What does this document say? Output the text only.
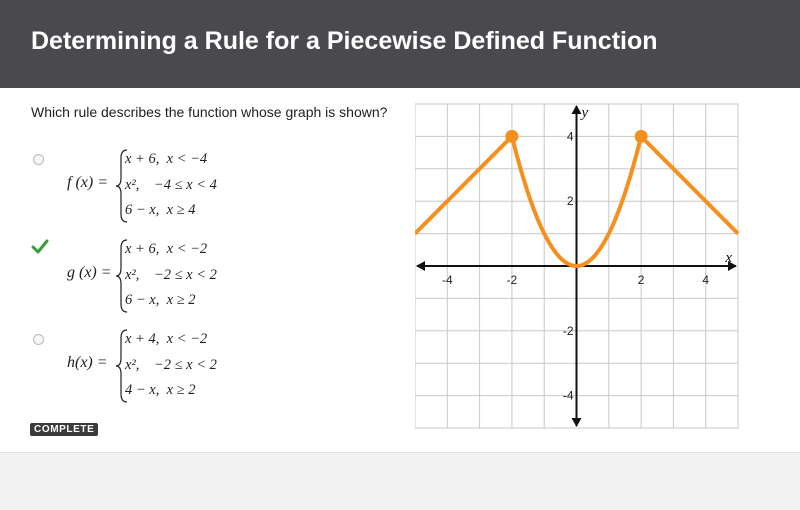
Determining a Rule for a Piecewise Defined Function
Which rule describes the function whose graph is shown?
f (x) =
x + 6, x < −4
x², −4 ≤ x < 4
6 − x, x ≥ 4
g (x) =
x + 6, x < −2
x², −2 ≤ x < 2
6 − x, x ≥ 2
h(x) =
x + 4, x < −2
x², −2 ≤ x < 2
4 − x, x ≥ 2
COMPLETE
x
y
-4	-2	2	4
4
2
-2
-4
